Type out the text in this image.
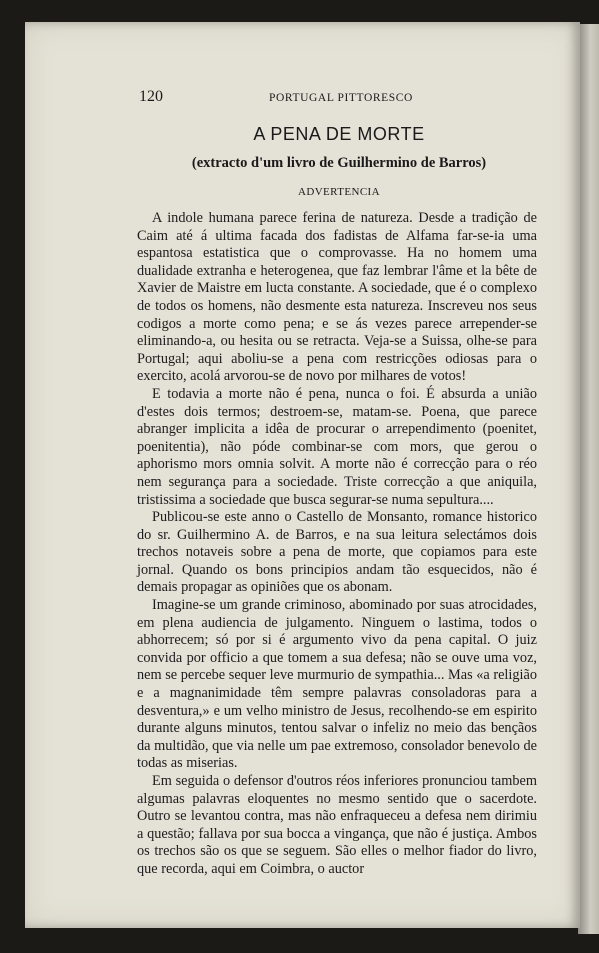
120	PORTUGAL PITTORESCO
A PENA DE MORTE
(extracto d'um livro de Guilhermino de Barros)
ADVERTENCIA

A indole humana parece ferina de natureza. Desde a tradição de Caim até á ultima facada dos fadistas de Alfama far-se-ia uma espantosa estatistica que o comprovasse. Ha no homem uma dualidade extranha e heterogenea, que faz lembrar l'âme et la bête de Xavier de Maistre em lucta constante. A sociedade, que é o complexo de todos os homens, não desmente esta natureza. Inscreveu nos seus codigos a morte como pena; e se ás vezes parece arrepender-se eliminando-a, ou hesita ou se retracta. Veja-se a Suissa, olhe-se para Portugal; aqui aboliu-se a pena com restricções odiosas para o exercito, acolá arvorou-se de novo por milhares de votos!

E todavia a morte não é pena, nunca o foi. É absurda a união d'estes dois termos; destroem-se, matam-se. Poena, que parece abranger implicita a idêa de procurar o arrependimento (poenitet, poenitentia), não póde combinar-se com mors, que gerou o aphorismo mors omnia solvit. A morte não é correcção para o réo nem segurança para a sociedade. Triste correcção a que aniquila, tristissima a sociedade que busca segurar-se numa sepultura....

Publicou-se este anno o Castello de Monsanto, romance historico do sr. Guilhermino A. de Barros, e na sua leitura selectámos dois trechos notaveis sobre a pena de morte, que copiamos para este jornal. Quando os bons principios andam tão esquecidos, não é demais propagar as opiniões que os abonam.

Imagine-se um grande criminoso, abominado por suas atrocidades, em plena audiencia de julgamento. Ninguem o lastima, todos o abhorrecem; só por si é argumento vivo da pena capital. O juiz convida por officio a que tomem a sua defesa; não se ouve uma voz, nem se percebe sequer leve murmurio de sympathia... Mas «a religião e a magnanimidade têm sempre palavras consoladoras para a desventura,» e um velho ministro de Jesus, recolhendo-se em espirito durante alguns minutos, tentou salvar o infeliz no meio das bençãos da multidão, que via nelle um pae extremoso, consolador benevolo de todas as miserias.

Em seguida o defensor d'outros réos inferiores pronunciou tambem algumas palavras eloquentes no mesmo sentido que o sacerdote. Outro se levantou contra, mas não enfraqueceu a defesa nem dirimiu a questão; fallava por sua bocca a vingança, que não é justiça. Ambos os trechos são os que se seguem. São elles o melhor fiador do livro, que recorda, aqui em Coimbra, o auctor
